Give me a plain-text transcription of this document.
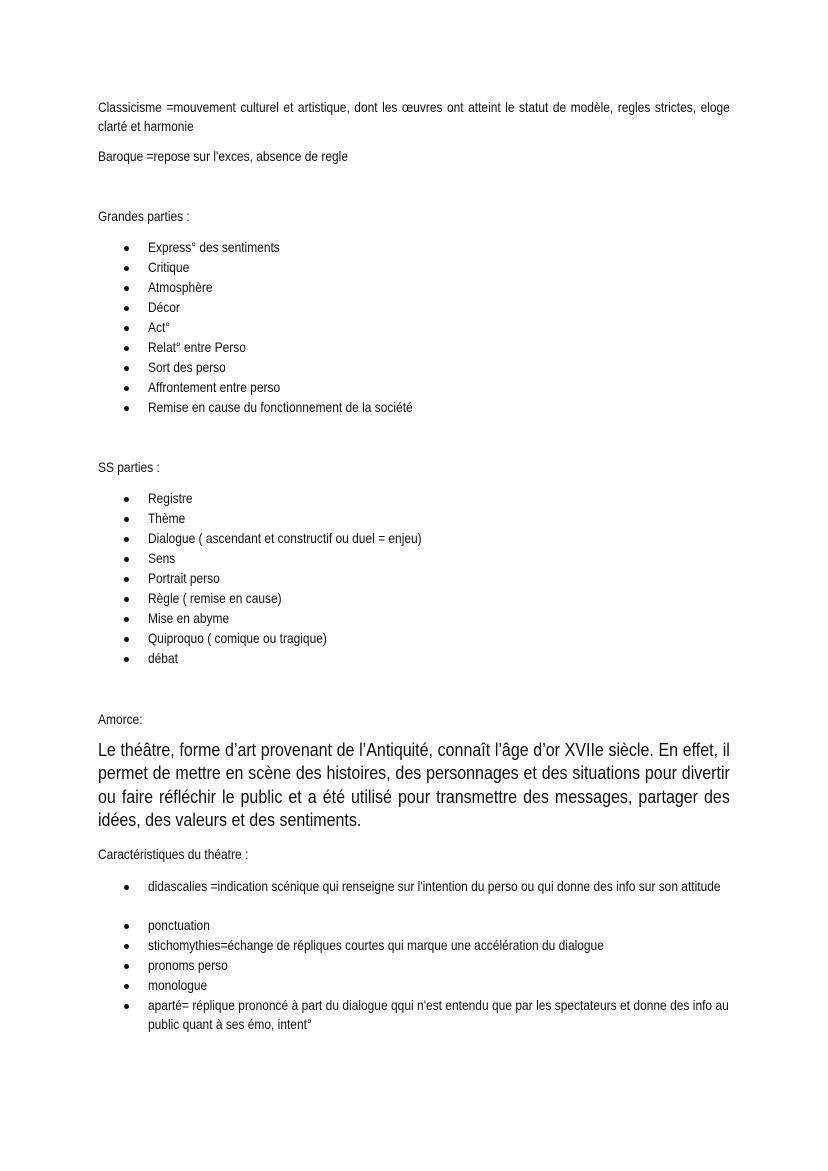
Classicisme =mouvement culturel et artistique, dont les œuvres ont atteint le statut de modèle, regles strictes, eloge clarté et harmonie
Baroque =repose sur l'exces, absence de regle
Grandes parties :
Express° des sentiments
Critique
Atmosphère
Décor
Act°
Relat° entre Perso
Sort des perso
Affrontement entre perso
Remise en cause du fonctionnement de la société
SS parties :
Registre
Thème
Dialogue ( ascendant et constructif ou duel = enjeu)
Sens
Portrait perso
Règle ( remise en cause)
Mise en abyme
Quiproquo ( comique ou tragique)
débat
Amorce:
Le théâtre, forme d’art provenant de l’Antiquité, connaît l’âge d’or XVIIe siècle. En effet, il permet de mettre en scène des histoires, des personnages et des situations pour divertir ou faire réfléchir le public et a été utilisé pour transmettre des messages, partager des idées, des valeurs et des sentiments.
Caractéristiques du théatre :
didascalies =indication scénique qui renseigne sur l'intention du perso ou qui donne des info sur son attitude
ponctuation
stichomythies=échange de répliques courtes qui marque une accélération du dialogue
pronoms perso
monologue
aparté= réplique prononcé à part du dialogue qqui n'est entendu que par les spectateurs et donne des info au public quant à ses émo, intent°
